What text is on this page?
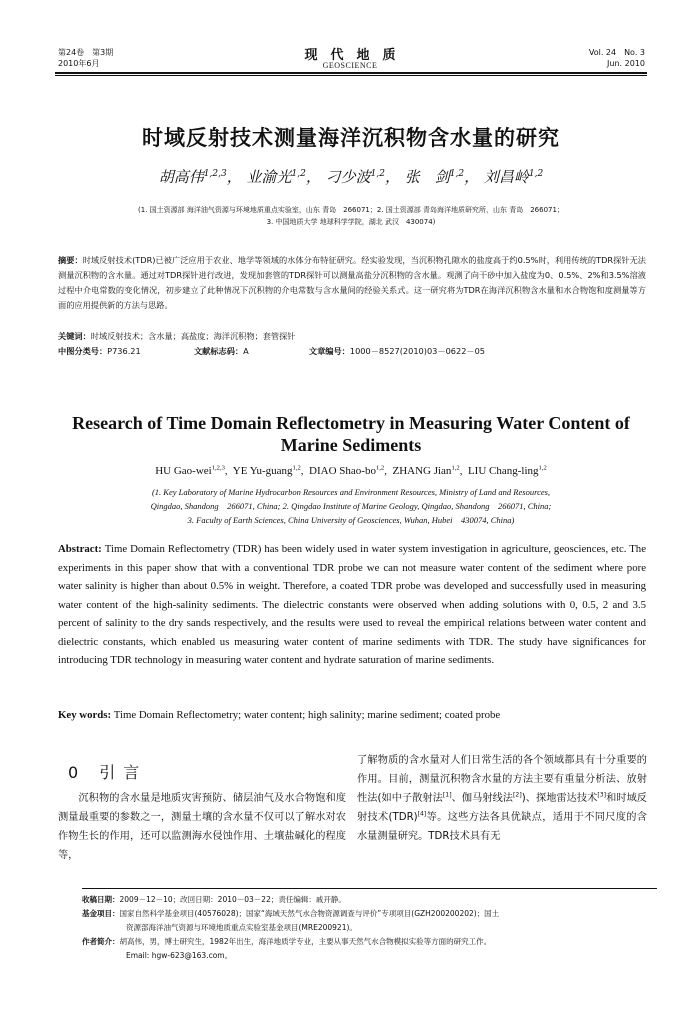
第24卷　第3期
2010年6月
现　代　地　质
GEOSCIENCE
Vol. 24　No. 3
Jun. 2010
时域反射技术测量海洋沉积物含水量的研究
胡高伟$^{1,2,3}$， 业渝光$^{1,2}$， 刁少波$^{1,2}$， 张　剑$^{1,2}$， 刘昌岭$^{1,2}$
(1. 国土资源部 海洋油气资源与环境地质重点实验室，山东 青岛　266071；2. 国土资源部 青岛海洋地质研究所，山东 青岛　266071；
3. 中国地质大学 地球科学学院，湖北 武汉　430074)
摘要：时域反射技术(TDR)已被广泛应用于农业、地学等领域的水体分布特征研究。经实验发现，当沉积物孔隙水的盐度高于约0.5%时，利用传统的TDR探针无法测量沉积物的含水量。通过对TDR探针进行改进，发现加套管的TDR探针可以测量高盐分沉积物的含水量。观测了向干砂中加入盐度为0、0.5%、2%和3.5%溶液过程中介电常数的变化情况，初步建立了此种情况下沉积物的介电常数与含水量间的经验关系式。这一研究将为TDR在海洋沉积物含水量和水合物饱和度测量等方面的应用提供新的方法与思路。
关键词：时域反射技术；含水量；高盐度；海洋沉积物；套管探针
中图分类号：P736.21	文献标志码：A	文章编号：1000－8527(2010)03－0622－05
Research of Time Domain Reflectometry in Measuring Water Content of
Marine Sediments
HU Gao-wei$^{1,2,3}$,  YE Yu-guang$^{1,2}$,  DIAO Shao-bo$^{1,2}$,  ZHANG Jian$^{1,2}$,  LIU Chang-ling$^{1,2}$
(1. Key Laboratory of Marine Hydrocarbon Resources and Environment Resources, Ministry of Land and Resources,
Qingdao, Shandong　266071, China; 2. Qingdao Institute of Marine Geology, Qingdao, Shandong　266071, China;
3. Faculty of Earth Sciences, China University of Geosciences, Wuhan, Hubei　430074, China)
Abstract: Time Domain Reflectometry (TDR) has been widely used in water system investigation in agriculture, geosciences, etc. The experiments in this paper show that with a conventional TDR probe we can not measure water content of the sediment where pore water salinity is higher than about 0.5% in weight. Therefore, a coated TDR probe was developed and successfully used in measuring water content of the high-salinity sediments. The dielectric constants were observed when adding solutions with 0, 0.5, 2 and 3.5 percent of salinity to the dry sands respectively, and the results were used to reveal the empirical relations between water content and dielectric constants, which enabled us measuring water content of marine sediments with TDR. The study have significances for introducing TDR technology in measuring water content and hydrate saturation of marine sediments.
Key words: Time Domain Reflectometry; water content; high salinity; marine sediment; coated probe
0 引言
沉积物的含水量是地质灾害预防、储层油气及水合物饱和度测量最重要的参数之一，测量土壤的含水量不仅可以了解水对农作物生长的作用，还可以监测海水侵蚀作用、土壤盐碱化的程度等，
了解物质的含水量对人们日常生活的各个领域都具有十分重要的作用。目前，测量沉积物含水量的方法主要有重量分析法、放射性法(如中子散射法[1]、伽马射线法[2])、探地雷达技术[3]和时域反射技术(TDR)[4]等。这些方法各具优缺点，适用于不同尺度的含水量测量研究。TDR技术具有无
收稿日期：2009－12－10；改回日期：2010－03－22；责任编辑：戚开静。
基金项目：国家自然科学基金项目(40576028)；国家“海域天然气水合物资源调查与评价”专项项目(GZH200200202)；国土
资源部海洋油气资源与环境地质重点实验室基金项目(MRE200921)。
作者简介：胡高伟，男，博士研究生，1982年出生，海洋地质学专业，主要从事天然气水合物模拟实验等方面的研究工作。
Email: hgw-623@163.com。
